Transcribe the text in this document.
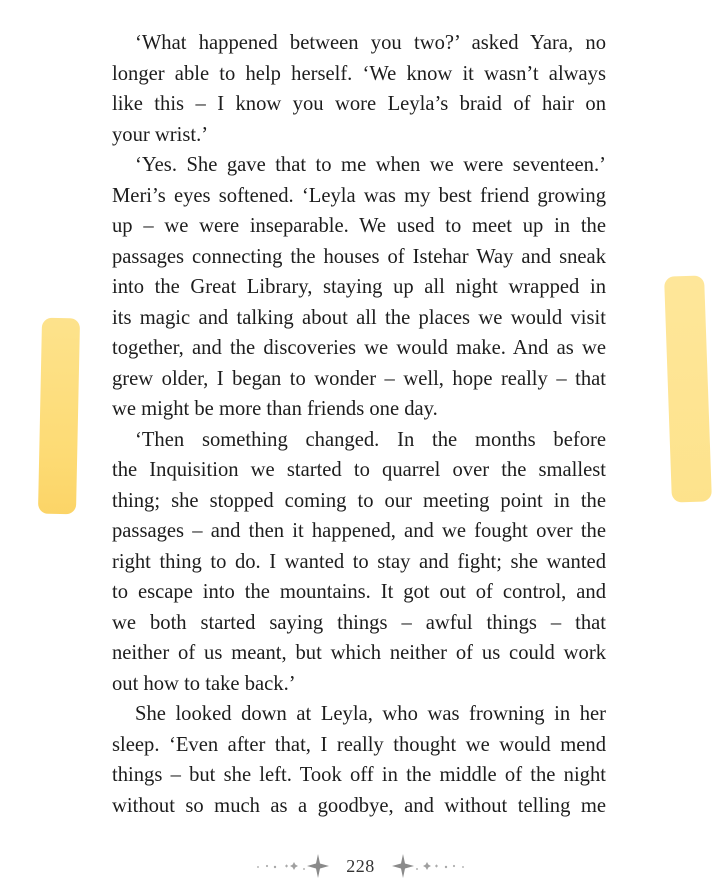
‘What happened between you two?’ asked Yara, no
longer able to help herself. ‘We know it wasn’t always
like this – I know you wore Leyla’s braid of hair on
your wrist.’
‘Yes. She gave that to me when we were seventeen.’
Meri’s eyes softened. ‘Leyla was my best friend growing
up – we were inseparable. We used to meet up in the
passages connecting the houses of Istehar Way and sneak
into the Great Library, staying up all night wrapped in
its magic and talking about all the places we would visit
together, and the discoveries we would make. And as we
grew older, I began to wonder – well, hope really – that
we might be more than friends one day.
‘Then something changed. In the months before
the Inquisition we started to quarrel over the smallest
thing; she stopped coming to our meeting point in the
passages – and then it happened, and we fought over the
right thing to do. I wanted to stay and fight; she wanted
to escape into the mountains. It got out of control, and
we both started saying things – awful things – that
neither of us meant, but which neither of us could work
out how to take back.’
She looked down at Leyla, who was frowning in her
sleep. ‘Even after that, I really thought we would mend
things – but she left. Took off in the middle of the night
without so much as a goodbye, and without telling me
228
